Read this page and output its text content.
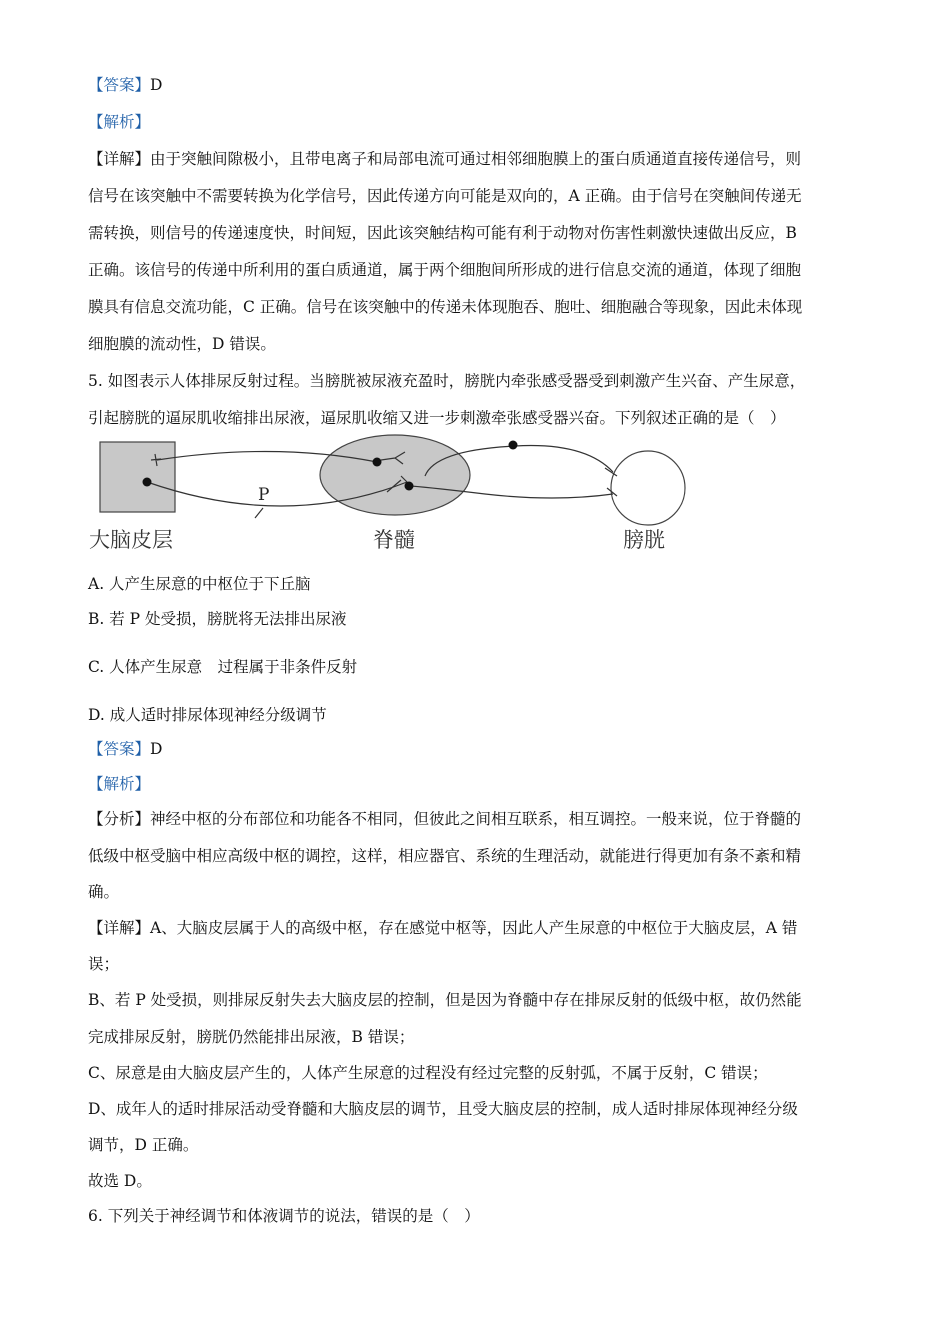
【答案】D
【解析】
【详解】由于突触间隙极小，且带电离子和局部电流可通过相邻细胞膜上的蛋白质通道直接传递信号，则
信号在该突触中不需要转换为化学信号，因此传递方向可能是双向的，A 正确。由于信号在突触间传递无
需转换，则信号的传递速度快，时间短，因此该突触结构可能有利于动物对伤害性刺激快速做出反应，B
正确。该信号的传递中所利用的蛋白质通道，属于两个细胞间所形成的进行信息交流的通道，体现了细胞
膜具有信息交流功能，C 正确。信号在该突触中的传递未体现胞吞、胞吐、细胞融合等现象，因此未体现
细胞膜的流动性，D 错误。
5. 如图表示人体排尿反射过程。当膀胱被尿液充盈时，膀胱内牵张感受器受到刺激产生兴奋、产生尿意，
引起膀胱的逼尿肌收缩排出尿液，逼尿肌收缩又进一步刺激牵张感受器兴奋。下列叙述正确的是（　）
P
大脑皮层	脊髓	膀胱
A. 人产生尿意的中枢位于下丘脑
B. 若 P 处受损，膀胱将无法排出尿液
C. 人体产生尿意　过程属于非条件反射
D. 成人适时排尿体现神经分级调节
【答案】D
【解析】
【分析】神经中枢的分布部位和功能各不相同，但彼此之间相互联系，相互调控。一般来说，位于脊髓的
低级中枢受脑中相应高级中枢的调控，这样，相应器官、系统的生理活动，就能进行得更加有条不紊和精
确。
【详解】A、大脑皮层属于人的高级中枢，存在感觉中枢等，因此人产生尿意的中枢位于大脑皮层，A 错
误；
B、若 P 处受损，则排尿反射失去大脑皮层的控制，但是因为脊髓中存在排尿反射的低级中枢，故仍然能
完成排尿反射，膀胱仍然能排出尿液，B 错误；
C、尿意是由大脑皮层产生的，人体产生尿意的过程没有经过完整的反射弧，不属于反射，C 错误；
D、成年人的适时排尿活动受脊髓和大脑皮层的调节，且受大脑皮层的控制，成人适时排尿体现神经分级
调节，D 正确。
故选 D。
6. 下列关于神经调节和体液调节的说法，错误的是（　）
